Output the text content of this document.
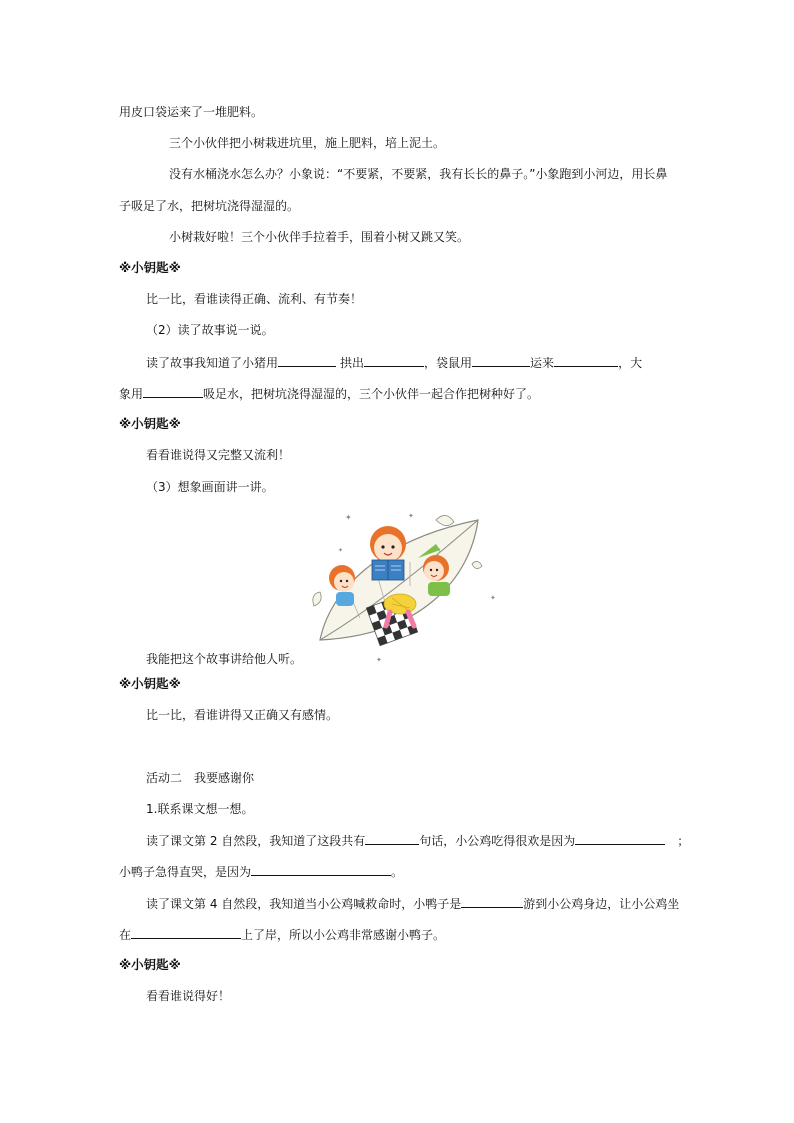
用皮口袋运来了一堆肥料。
三个小伙伴把小树栽进坑里，施上肥料，培上泥土。
没有水桶浇水怎么办？小象说：“不要紧，不要紧，我有长长的鼻子。”小象跑到小河边，用长鼻
子吸足了水，把树坑浇得湿湿的。
小树栽好啦！三个小伙伴手拉着手，围着小树又跳又笑。
※小钥匙※
比一比，看谁读得正确、流利、有节奏！
（2）读了故事说一说。
读了故事我知道了小猪用	拱出	，袋鼠用	运来	，大
象用	吸足水，把树坑浇得湿湿的，三个小伙伴一起合作把树种好了。
※小钥匙※
看看谁说得又完整又流利！
（3）想象画面讲一讲。
✦	✦
✦
✦
✦
我能把这个故事讲给他人听。
※小钥匙※
比一比，看谁讲得又正确又有感情。
活动二　我要感谢你
1.联系课文想一想。
读了课文第 2 自然段，我知道了这段共有	句话，小公鸡吃得很欢是因为	；
小鸭子急得直哭，是因为	。
读了课文第 4 自然段，我知道当小公鸡喊救命时，小鸭子是	游到小公鸡身边，让小公鸡坐
在	上了岸，所以小公鸡非常感谢小鸭子。
※小钥匙※
看看谁说得好！
